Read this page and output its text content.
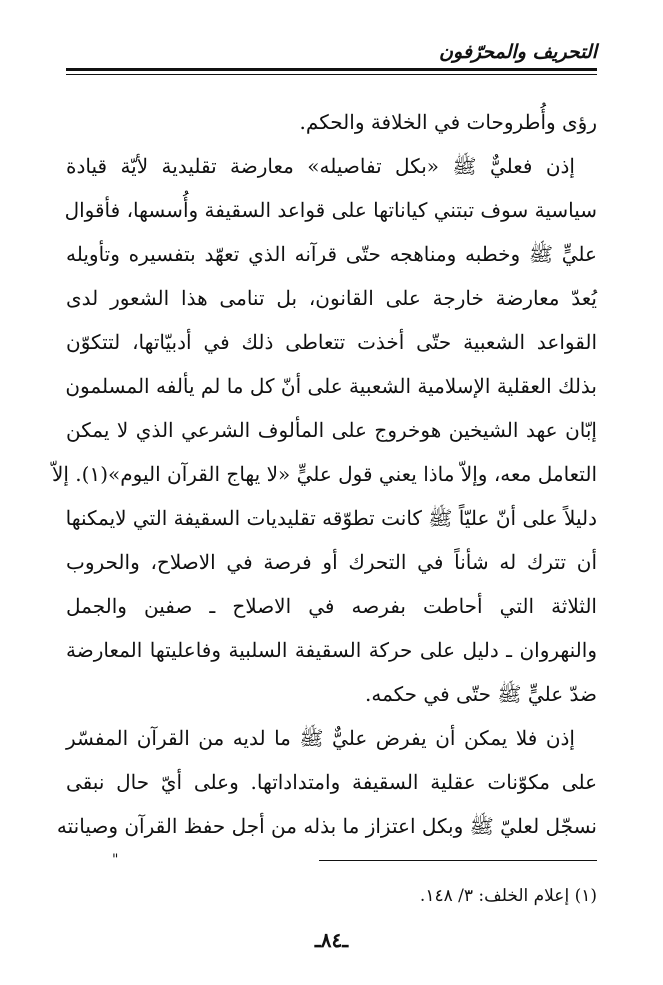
التحريف والمحرّفون
رؤى وأُطروحات في الخلافة والحكم.
إذن فعليٌّ ﷺ «بكل تفاصيله» معارضة تقليدية لأيّة قيادة
سياسية سوف تبتني كياناتها على قواعد السقيفة وأُسسها، فأقوال
عليٍّ ﷺ وخطبه ومناهجه حتّى قرآنه الذي تعهّد بتفسيره وتأويله
يُعدّ معارضة خارجة على القانون، بل تنامى هذا الشعور لدى
القواعد الشعبية حتّى أخذت تتعاطى ذلك في أدبيّاتها، لتتكوّن
بذلك العقلية الإسلامية الشعبية على أنّ كل ما لم يألفه المسلمون
إبّان عهد الشيخين هوخروج على المألوف الشرعي الذي لا يمكن
التعامل معه، وإلاّ ماذا يعني قول عليٍّ «لا يهاج القرآن اليوم»(١). إلاّ
دليلاً على أنّ عليّاً ﷺ كانت تطوّقه تقليديات السقيفة التي لايمكنها
أن تترك له شأناً في التحرك أو فرصة في الاصلاح، والحروب
الثلاثة التي أحاطت بفرصه في الاصلاح ـ صفين والجمل
والنهروان ـ دليل على حركة السقيفة السلبية وفاعليتها المعارضة
ضدّ عليٍّ ﷺ حتّى في حكمه.
إذن فلا يمكن أن يفرض عليٌّ ﷺ ما لديه من القرآن المفسّر
على مكوّنات عقلية السقيفة وامتداداتها. وعلى أيّ حال نبقى
نسجّل لعليّ ﷺ وبكل اعتزاز ما بذله من أجل حفظ القرآن وصيانته
"
(١) إعلام الخلف: ٣/ ١٤٨.
ـ٨٤ـ
